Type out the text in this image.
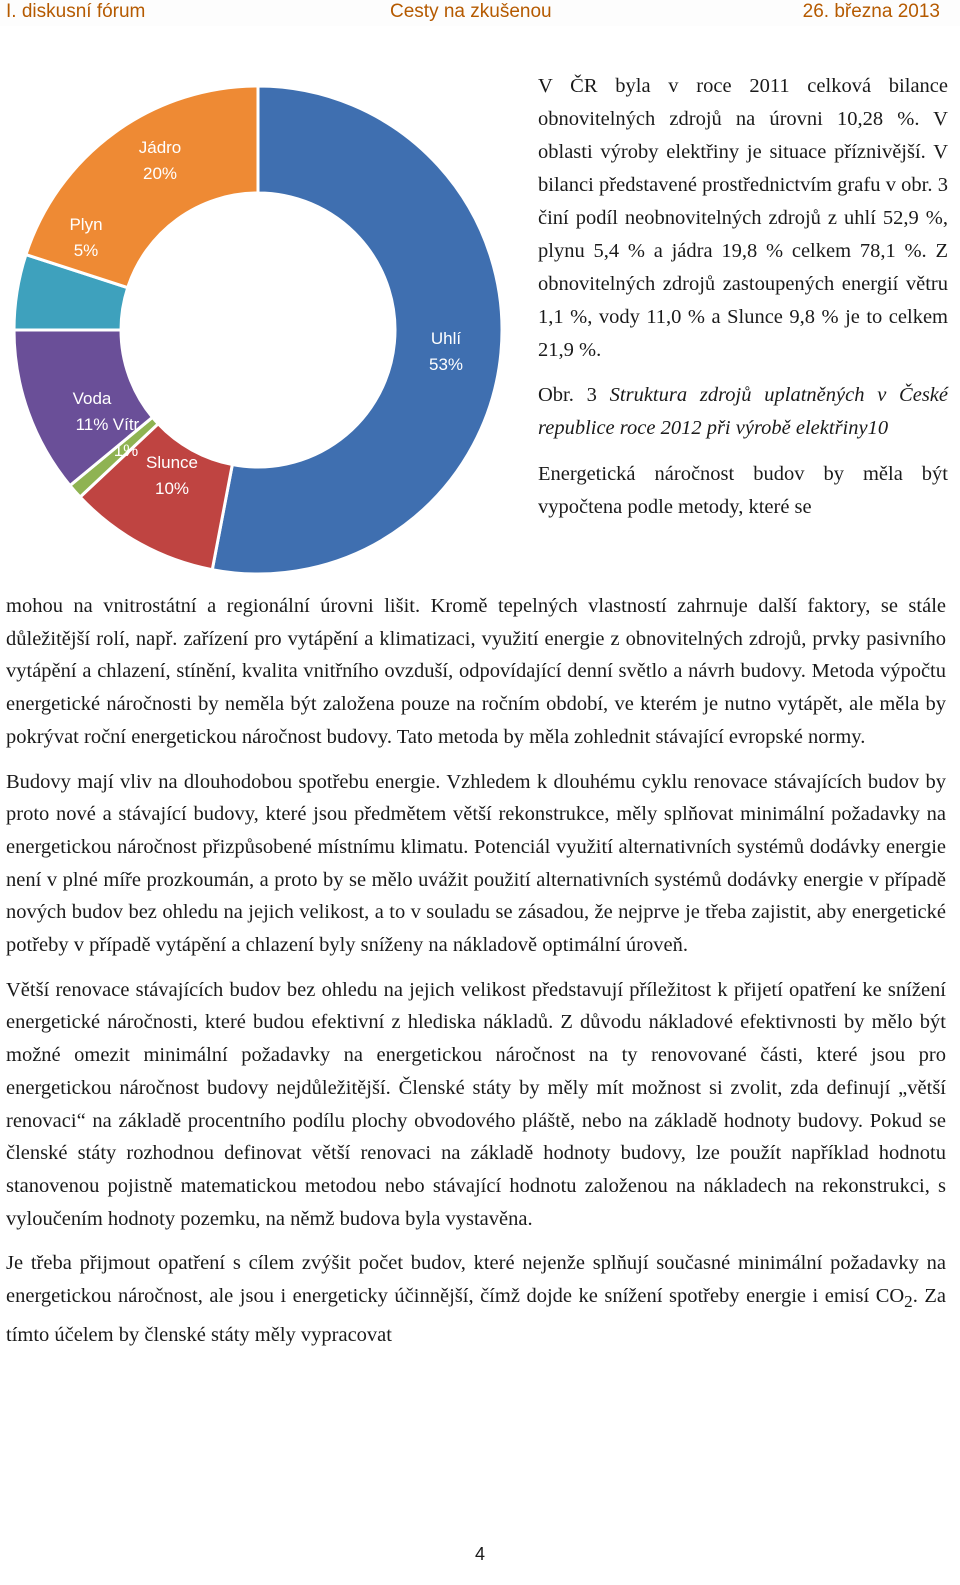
I. diskusní fórum	Cesty na zkušenou	26. března 2013
Uhlí
53%
Slunce
10%
Vítr
1%
Voda
11%
Plyn
5%
Jádro
20%

V ČR byla v roce 2011 celková bilance obnovitelných zdrojů na úrovni 10,28 %. V oblasti výroby elektřiny je situace příznivější. V bilanci představené prostřednictvím grafu v obr. 3 činí podíl neobnovitelných zdrojů z uhlí 52,9 %, plynu 5,4 % a jádra 19,8 % celkem 78,1 %. Z obnovitelných zdrojů zastoupených energií větru 1,1 %, vody 11,0 % a Slunce 9,8 % je to celkem 21,9 %.

Obr. 3 Struktura zdrojů uplatněných v České republice roce 2012 při výrobě elektřiny10

Energetická náročnost budov by měla být vypočtena podle metody, které se

mohou na vnitrostátní a regionální úrovni lišit. Kromě tepelných vlastností zahrnuje další faktory, se stále důležitější rolí, např. zařízení pro vytápění a klimatizaci, využití energie z obnovitelných zdrojů, prvky pasivního vytápění a chlazení, stínění, kvalita vnitřního ovzduší, odpovídající denní světlo a návrh budovy. Metoda výpočtu energetické náročnosti by neměla být založena pouze na ročním období, ve kterém je nutno vytápět, ale měla by pokrývat roční energetickou náročnost budovy. Tato metoda by měla zohlednit stávající evropské normy.

Budovy mají vliv na dlouhodobou spotřebu energie. Vzhledem k dlouhému cyklu renovace stávajících budov by proto nové a stávající budovy, které jsou předmětem větší rekonstrukce, měly splňovat minimální požadavky na energetickou náročnost přizpůsobené místnímu klimatu. Potenciál využití alternativních systémů dodávky energie není v plné míře prozkoumán, a proto by se mělo uvážit použití alternativních systémů dodávky energie v případě nových budov bez ohledu na jejich velikost, a to v souladu se zásadou, že nejprve je třeba zajistit, aby energetické potřeby v případě vytápění a chlazení byly sníženy na nákladově optimální úroveň.

Větší renovace stávajících budov bez ohledu na jejich velikost představují příležitost k přijetí opatření ke snížení energetické náročnosti, které budou efektivní z hlediska nákladů. Z důvodu nákladové efektivnosti by mělo být možné omezit minimální požadavky na energetickou náročnost na ty renovované části, které jsou pro energetickou náročnost budovy nejdůležitější. Členské státy by měly mít možnost si zvolit, zda definují „větší renovaci“ na základě procentního podílu plochy obvodového pláště, nebo na základě hodnoty budovy. Pokud se členské státy rozhodnou definovat větší renovaci na základě hodnoty budovy, lze použít například hodnotu stanovenou pojistně matematickou metodou nebo stávající hodnotu založenou na nákladech na rekonstrukci, s vyloučením hodnoty pozemku, na němž budova byla vystavěna.

Je třeba přijmout opatření s cílem zvýšit počet budov, které nejenže splňují současné minimální požadavky na energetickou náročnost, ale jsou i energeticky účinnější, čímž dojde ke snížení spotřeby energie i emisí $CO_2$. Za tímto účelem by členské státy měly vypracovat

4
